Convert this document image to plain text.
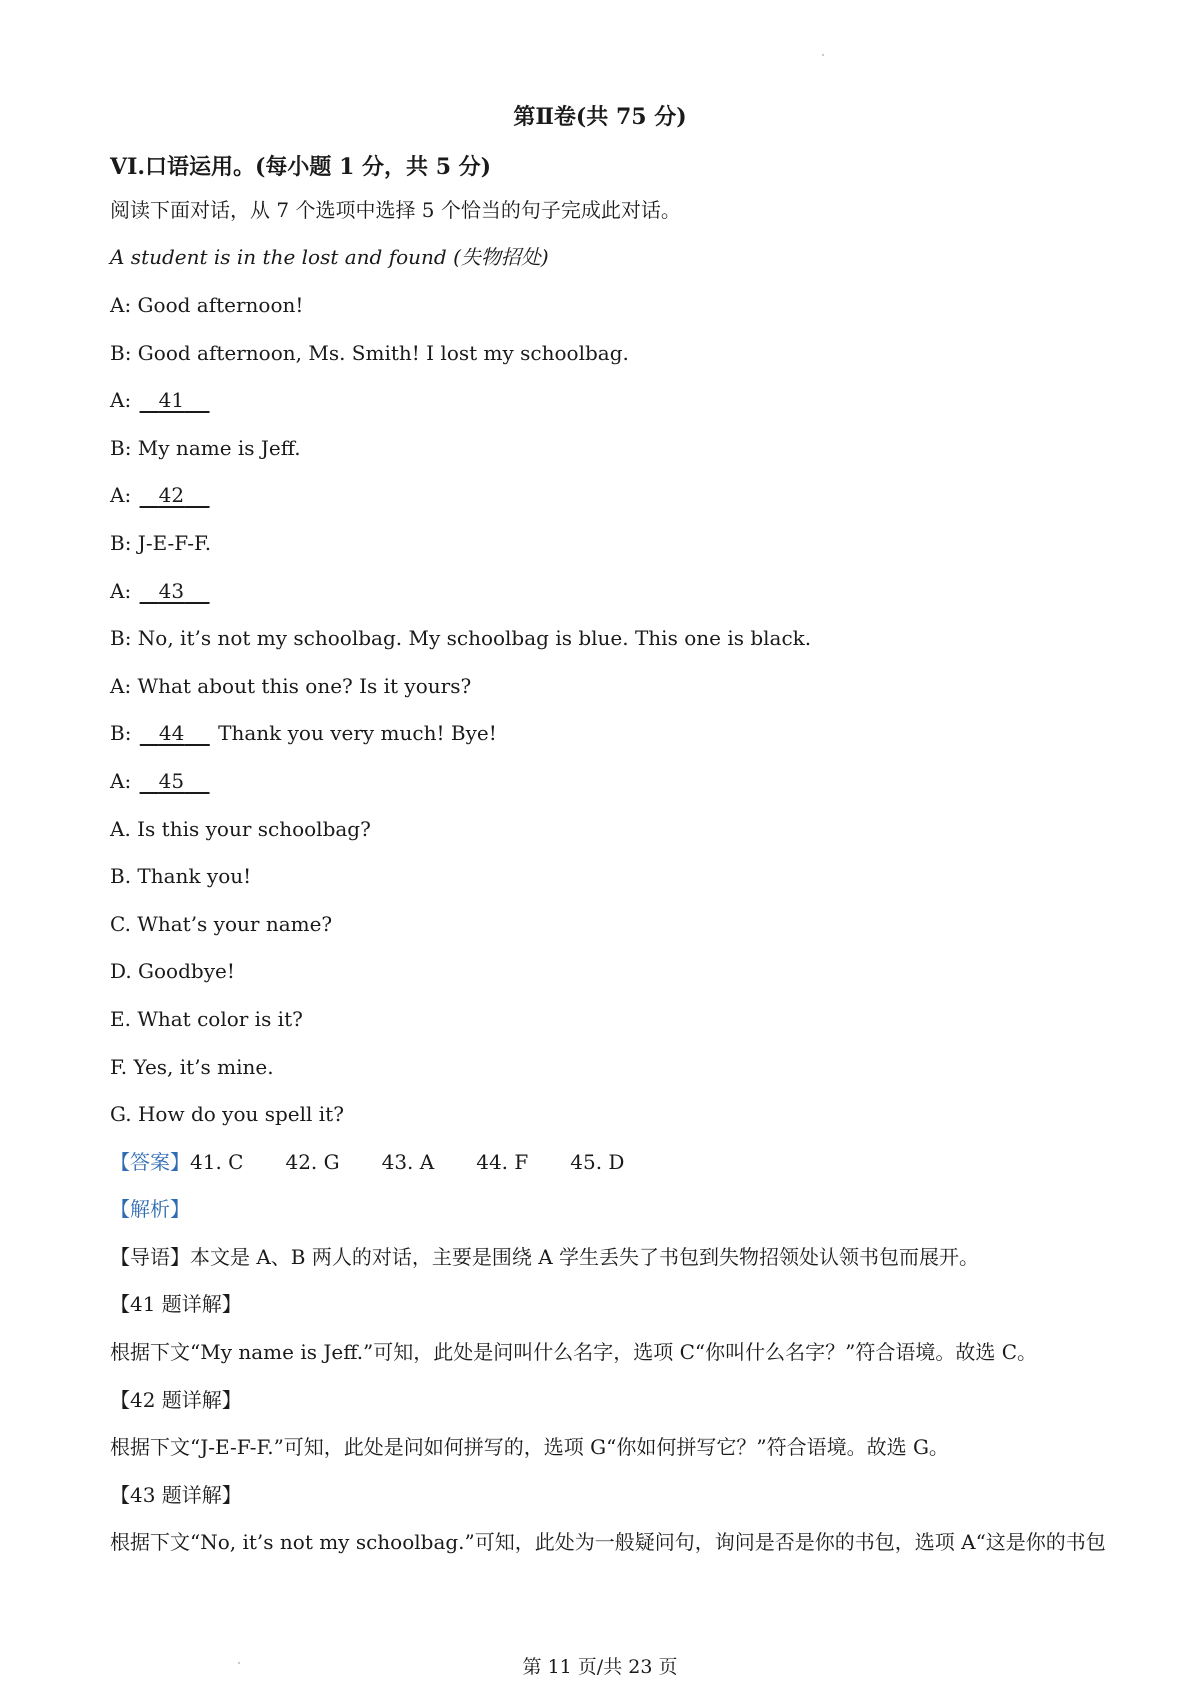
第Ⅱ卷(共 75 分)
VI.口语运用。(每小题 1 分，共 5 分)
阅读下面对话，从 7 个选项中选择 5 个恰当的句子完成此对话。
A student is in the lost and found (失物招处)
A: Good afternoon!
B: Good afternoon, Ms. Smith! I lost my schoolbag.
A: 41
B: My name is Jeff.
A: 42
B: J-E-F-F.
A: 43
B: No, it’s not my schoolbag. My schoolbag is blue. This one is black.
A: What about this one? Is it yours?
B: 44 Thank you very much! Bye!
A: 45
A. Is this your schoolbag?
B. Thank you!
C. What’s your name?
D. Goodbye!
E. What color is it?
F. Yes, it’s mine.
G. How do you spell it?
【答案】41. C 42. G 43. A 44. F 45. D
【解析】
【导语】本文是 A、B 两人的对话，主要是围绕 A 学生丢失了书包到失物招领处认领书包而展开。
【41 题详解】
根据下文“My name is Jeff.”可知，此处是问叫什么名字，选项 C“你叫什么名字？”符合语境。故选 C。
【42 题详解】
根据下文“J-E-F-F.”可知，此处是问如何拼写的，选项 G“你如何拼写它？”符合语境。故选 G。
【43 题详解】
根据下文“No, it’s not my schoolbag.”可知，此处为一般疑问句，询问是否是你的书包，选项 A“这是你的书包
第 11 页/共 23 页
